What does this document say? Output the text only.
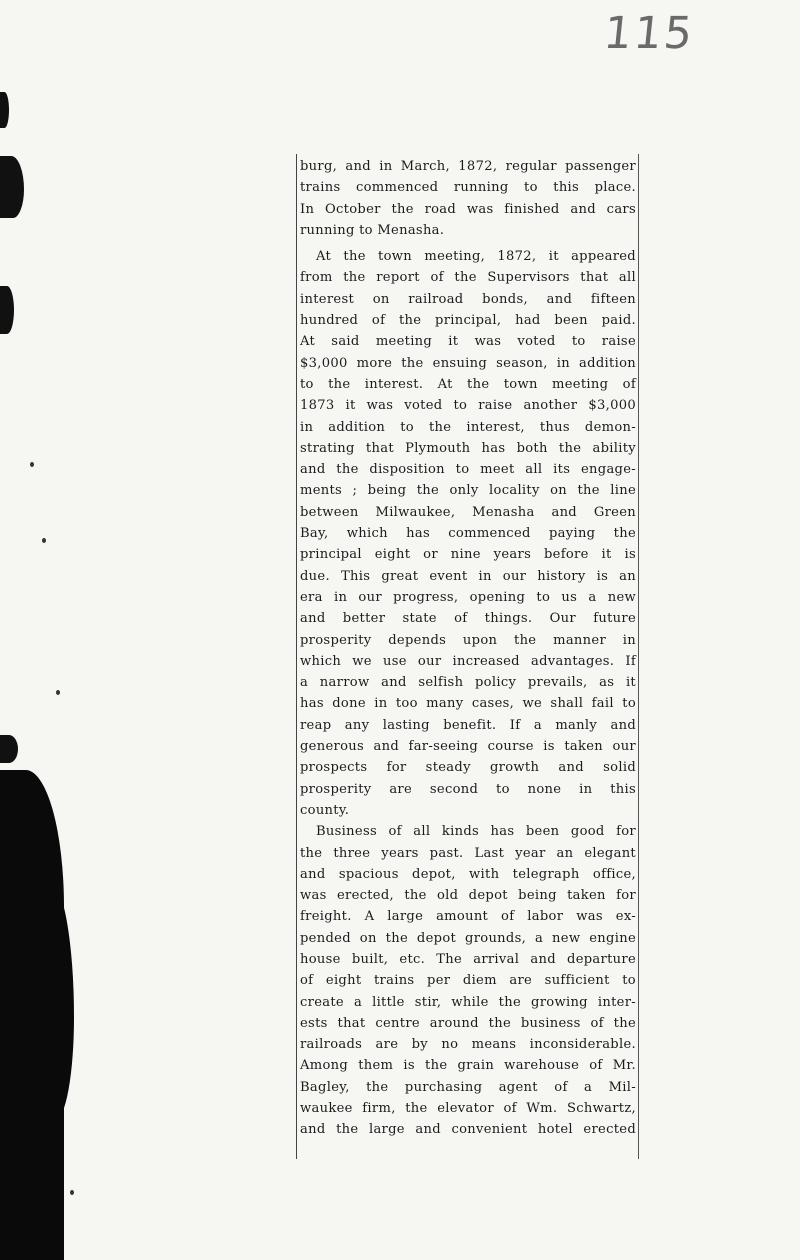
115
burg, and in March, 1872, regular passenger
trains commenced running to this place.
In October the road was finished and cars
running to Menasha.
At the town meeting, 1872, it appeared
from the report of the Supervisors that all
interest on railroad bonds, and fifteen
hundred of the principal, had been paid.
At said meeting it was voted to raise
$3,000 more the ensuing season, in addition
to the interest. At the town meeting of
1873 it was voted to raise another $3,000
in addition to the interest, thus demon-
strating that Plymouth has both the ability
and the disposition to meet all its engage-
ments ; being the only locality on the line
between Milwaukee, Menasha and Green
Bay, which has commenced paying the
principal eight or nine years before it is
due. This great event in our history is an
era in our progress, opening to us a new
and better state of things. Our future
prosperity depends upon the manner in
which we use our increased advantages. If
a narrow and selfish policy prevails, as it
has done in too many cases, we shall fail to
reap any lasting benefit. If a manly and
generous and far-seeing course is taken our
prospects for steady growth and solid
prosperity are second to none in this
county.
Business of all kinds has been good for
the three years past. Last year an elegant
and spacious depot, with telegraph office,
was erected, the old depot being taken for
freight. A large amount of labor was ex-
pended on the depot grounds, a new engine
house built, etc. The arrival and departure
of eight trains per diem are sufficient to
create a little stir, while the growing inter-
ests that centre around the business of the
railroads are by no means inconsiderable.
Among them is the grain warehouse of Mr.
Bagley, the purchasing agent of a Mil-
waukee firm, the elevator of Wm. Schwartz,
and the large and convenient hotel erected
